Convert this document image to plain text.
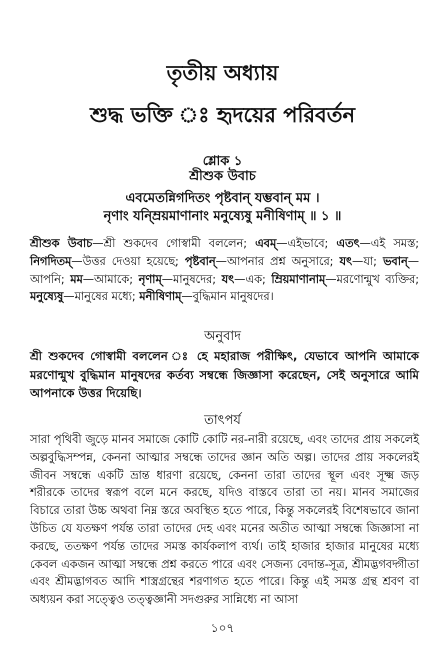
তৃতীয় অধ্যায়
শুদ্ধ ভক্তি ঃ হৃদয়ের পরিবর্তন
শ্লোক ১
শ্রীশুক উবাচ
এবমেতন্নিগদিতং পৃষ্টবান্ যম্ভবান্ মম ।
নৃণাং যন্ম্রিয়মাণানাং মনুষ্যেষু মনীষিণাম্ ॥ ১ ॥
শ্রীশুক উবাচ—শ্রী শুকদেব গোস্বামী বললেন; এবম্—এইভাবে; এতৎ—এই সমস্ত; নিগদিতম্—উত্তর দেওয়া হয়েছে; পৃষ্টবান্—আপনার প্রশ্ন অনুসারে; যৎ—যা; ভবান্—আপনি; মম—আমাকে; নৃণাম্—মানুষদের; যৎ—এক; ম্রিয়মাণানাম্—মরণোন্মুখ ব্যক্তির; মনুষ্যেষু—মানুষের মধ্যে; মনীষিণাম্—বুদ্ধিমান মানুষদের।
অনুবাদ
শ্রী শুকদেব গোস্বামী বললেন ঃ হে মহারাজ পরীক্ষিৎ, যেভাবে আপনি আমাকে মরণোন্মুখ বুদ্ধিমান মানুষদের কর্তব্য সম্বন্ধে জিজ্ঞাসা করেছেন, সেই অনুসারে আমি আপনাকে উত্তর দিয়েছি।
তাৎপর্য
সারা পৃথিবী জুড়ে মানব সমাজে কোটি কোটি নর-নারী রয়েছে, এবং তাদের প্রায় সকলেই অল্পবুদ্ধিসম্পন্ন, কেননা আত্মার সম্বন্ধে তাদের জ্ঞান অতি অল্প। তাদের প্রায় সকলেরই জীবন সম্বন্ধে একটি ভ্রান্ত ধারণা রয়েছে, কেননা তারা তাদের স্থূল এবং সূক্ষ্ম জড় শরীরকে তাদের স্বরূপ বলে মনে করছে, যদিও বাস্তবে তারা তা নয়। মানব সমাজের বিচারে তারা উচ্চ অথবা নিম্ন স্তরে অবস্থিত হতে পারে, কিন্তু সকলেরই বিশেষভাবে জানা উচিত যে যতক্ষণ পর্যন্ত তারা তাদের দেহ এবং মনের অতীত আত্মা সম্বন্ধে জিজ্ঞাসা না করছে, ততক্ষণ পর্যন্ত তাদের সমস্ত কার্যকলাপ ব্যর্থ। তাই হাজার হাজার মানুষের মধ্যে কেবল একজন আত্মা সম্বন্ধে প্রশ্ন করতে পারে এবং সেজন্য বেদান্ত-সূত্র, শ্রীমদ্ভগবদ্গীতা এবং শ্রীমদ্ভাগবত আদি শাস্ত্রগ্রন্থের শরণাগত হতে পারে। কিন্তু এই সমস্ত গ্রন্থ শ্রবণ বা অধ্যয়ন করা সত্ত্বেও তত্ত্বজ্ঞানী সদগুরুর সান্নিধ্যে না আসা
১০৭
